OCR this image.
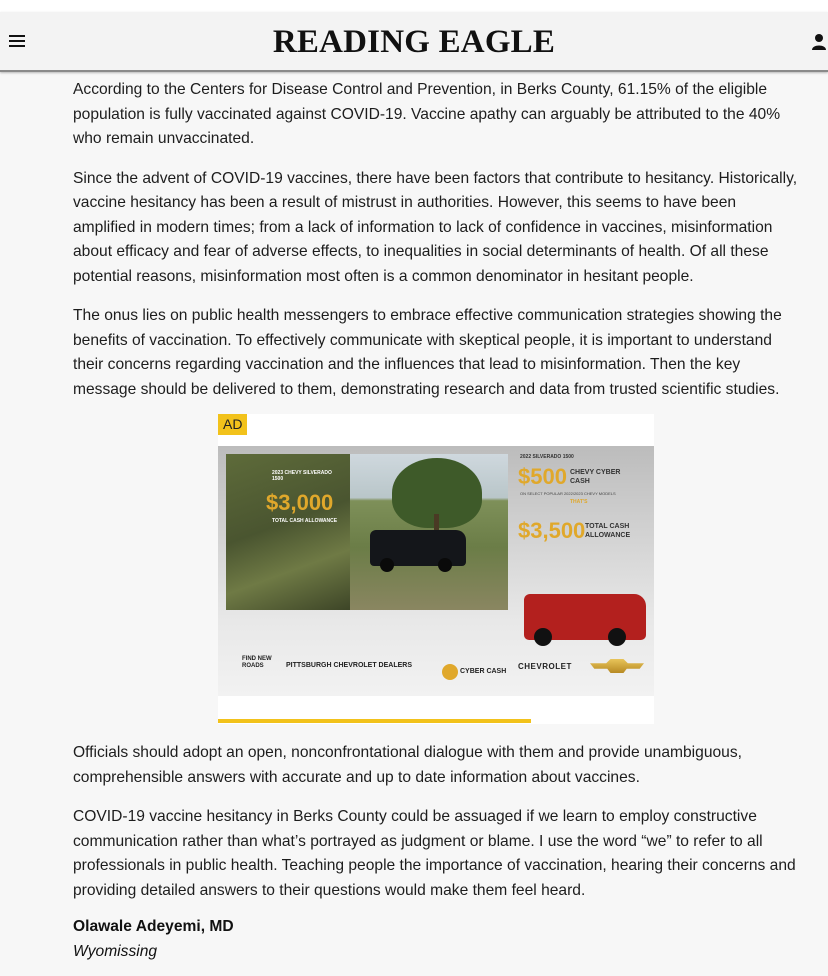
READING EAGLE

According to the Centers for Disease Control and Prevention, in Berks County, 61.15% of the eligible population is fully vaccinated against COVID-19. Vaccine apathy can arguably be attributed to the 40% who remain unvaccinated.

Since the advent of COVID-19 vaccines, there have been factors that contribute to hesitancy. Historically, vaccine hesitancy has been a result of mistrust in authorities. However, this seems to have been amplified in modern times; from a lack of information to lack of confidence in vaccines, misinformation about efficacy and fear of adverse effects, to inequalities in social determinants of health. Of all these potential reasons, misinformation most often is a common denominator in hesitant people.

The onus lies on public health messengers to embrace effective communication strategies showing the benefits of vaccination. To effectively communicate with skeptical people, it is important to understand their concerns regarding vaccination and the influences that lead to misinformation. Then the key message should be delivered to them, demonstrating research and data from trusted scientific studies.

AD
2023 CHEVY SILVERADO 1500
$3,000
TOTAL CASH ALLOWANCE
2022 SILVERADO 1500
$500 CHEVY CYBER CASH
ON SELECT POPULAR 2022/2023 CHEVY MODELS
THAT'S
$3,500 TOTAL CASH ALLOWANCE
FIND NEW ROADS	PITTSBURGH CHEVROLET DEALERS
CYBER CASH
CHEVROLET

Officials should adopt an open, nonconfrontational dialogue with them and provide unambiguous, comprehensible answers with accurate and up to date information about vaccines.

COVID-19 vaccine hesitancy in Berks County could be assuaged if we learn to employ constructive communication rather than what’s portrayed as judgment or blame. I use the word “we” to refer to all professionals in public health. Teaching people the importance of vaccination, hearing their concerns and providing detailed answers to their questions would make them feel heard.

Olawale Adeyemi, MD
Wyomissing
